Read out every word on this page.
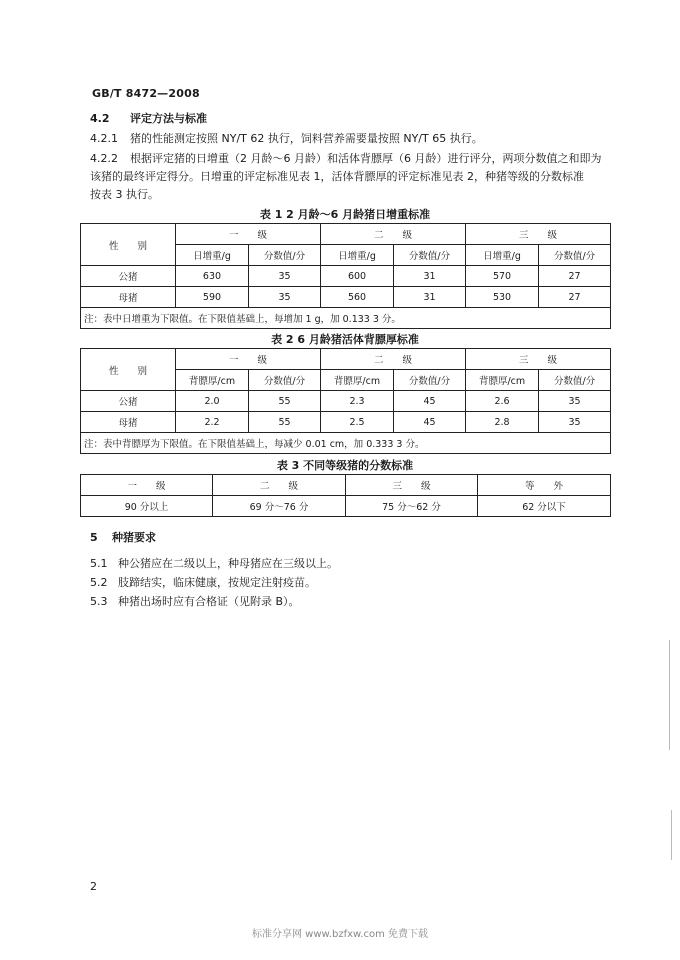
GB/T 8472—2008
4.2 评定方法与标准
4.2.1 猪的性能测定按照 NY/T 62 执行，饲料营养需要量按照 NY/T 65 执行。
4.2.2 根据评定猪的日增重（2 月龄～6 月龄）和活体背膘厚（6 月龄）进行评分，两项分数值之和即为
该猪的最终评定得分。日增重的评定标准见表 1，活体背膘厚的评定标准见表 2，种猪等级的分数标准
按表 3 执行。
表 1 2 月龄～6 月龄猪日增重标准
性　　别	一　　级		二　　级		三　　级	
	日增重/g	分数值/分	日增重/g	分数值/分	日增重/g	分数值/分
公猪	630	35	600	31	570	27
母猪	590	35	560	31	530	27
注：表中日增重为下限值。在下限值基础上，每增加 1 g，加 0.133 3 分。						
表 2 6 月龄猪活体背膘厚标准
性　　别	一　　级		二　　级		三　　级	
	背膘厚/cm	分数值/分	背膘厚/cm	分数值/分	背膘厚/cm	分数值/分
公猪	2.0	55	2.3	45	2.6	35
母猪	2.2	55	2.5	45	2.8	35
注：表中背膘厚为下限值。在下限值基础上，每减少 0.01 cm，加 0.333 3 分。						
表 3 不同等级猪的分数标准
一　　级	二　　级	三　　级	等　　外
90 分以上	69 分～76 分	75 分～62 分	62 分以下
5 种猪要求
5.1 种公猪应在二级以上，种母猪应在三级以上。
5.2 肢蹄结实，临床健康，按规定注射疫苗。
5.3 种猪出场时应有合格证（见附录 B）。
2
标准分享网 www.bzfxw.com 免费下载
